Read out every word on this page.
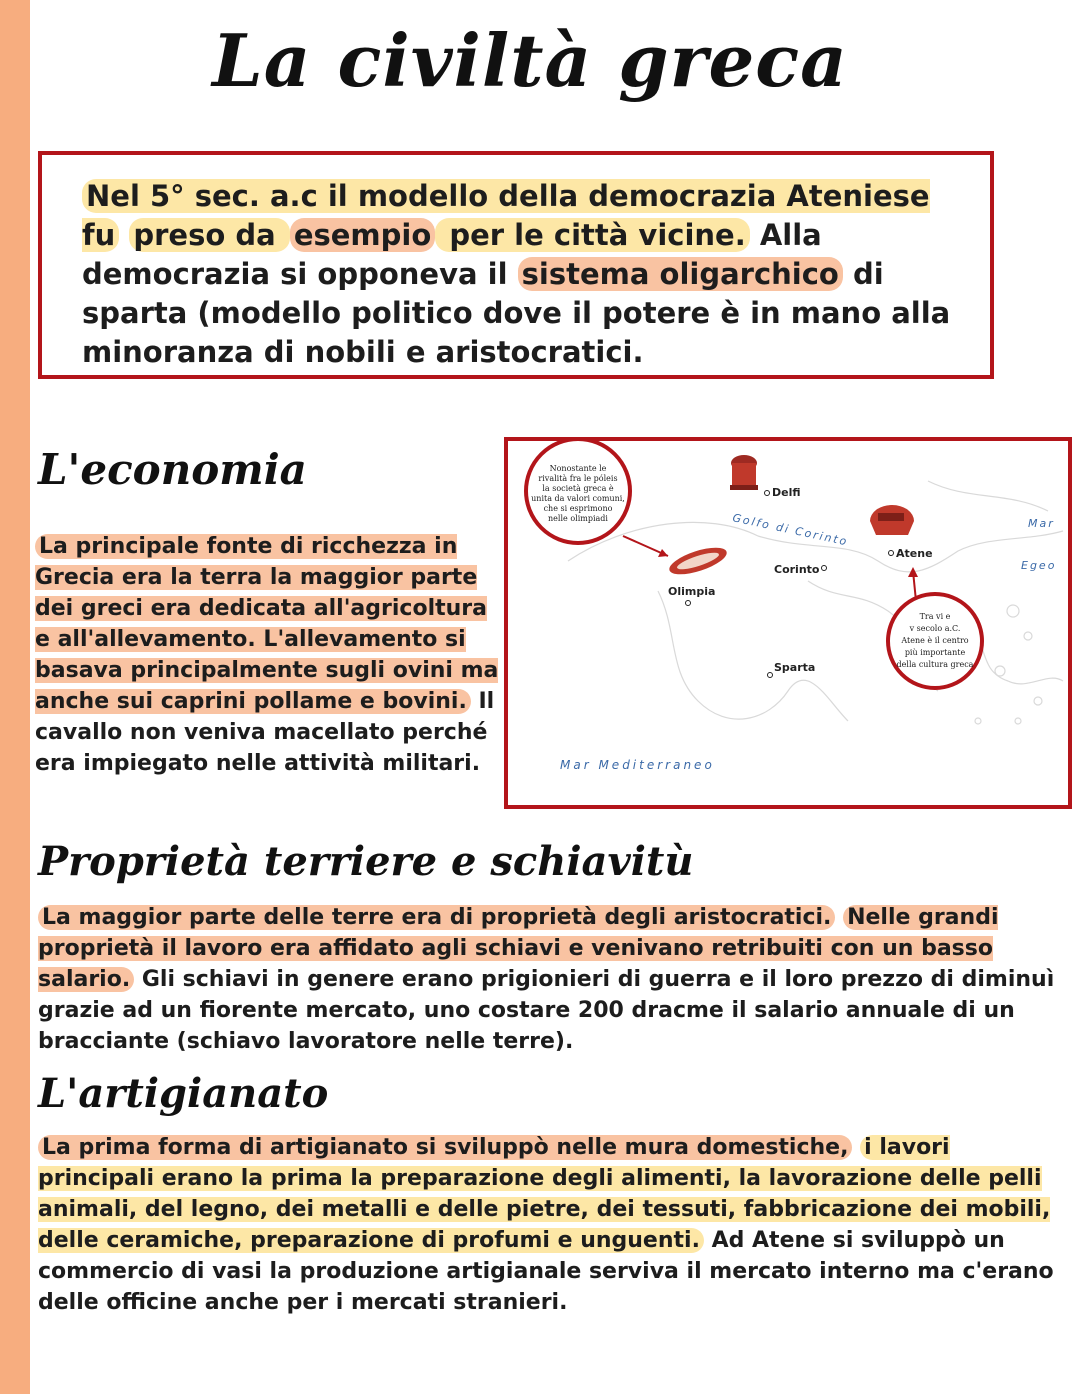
La civiltà greca
Nel 5° sec. a.c il modello della democrazia Ateniese fu preso da esempio per le città vicine. Alla democrazia si opponeva il sistema oligarchico di sparta (modello politico dove il potere è in mano alla minoranza di nobili e aristocratici.
L'economia

La principale fonte di ricchezza in Grecia era la terra la maggior parte dei greci era dedicata all'agricoltura e all'allevamento. L'allevamento si basava principalmente sugli ovini ma anche sui caprini pollame e bovini. Il cavallo non veniva macellato perché era impiegato nelle attività militari.

Nonostante le
rivalità fra le póleis
la società greca è
unita da valori comuni,
che si esprimono
nelle olimpiadi
Delfi
Golfo di Corinto
Olimpia
Corinto
Atene
Tra vi e
v secolo a.C.
Atene è il centro
più importante
della cultura greca
Sparta
Mar
Egeo
Mar Mediterraneo
Proprietà terriere e schiavitù

La maggior parte delle terre era di proprietà degli aristocratici. Nelle grandi proprietà il lavoro era affidato agli schiavi e venivano retribuiti con un basso salario. Gli schiavi in genere erano prigionieri di guerra e il loro prezzo di diminuì grazie ad un fiorente mercato, uno costare 200 dracme il salario annuale di un bracciante (schiavo lavoratore nelle terre).

L'artigianato

La prima forma di artigianato si sviluppò nelle mura domestiche, i lavori principali erano la prima la preparazione degli alimenti, la lavorazione delle pelli animali, del legno, dei metalli e delle pietre, dei tessuti, fabbricazione dei mobili, delle ceramiche, preparazione di profumi e unguenti. Ad Atene si sviluppò un commercio di vasi la produzione artigianale serviva il mercato interno ma c'erano delle officine anche per i mercati stranieri.
